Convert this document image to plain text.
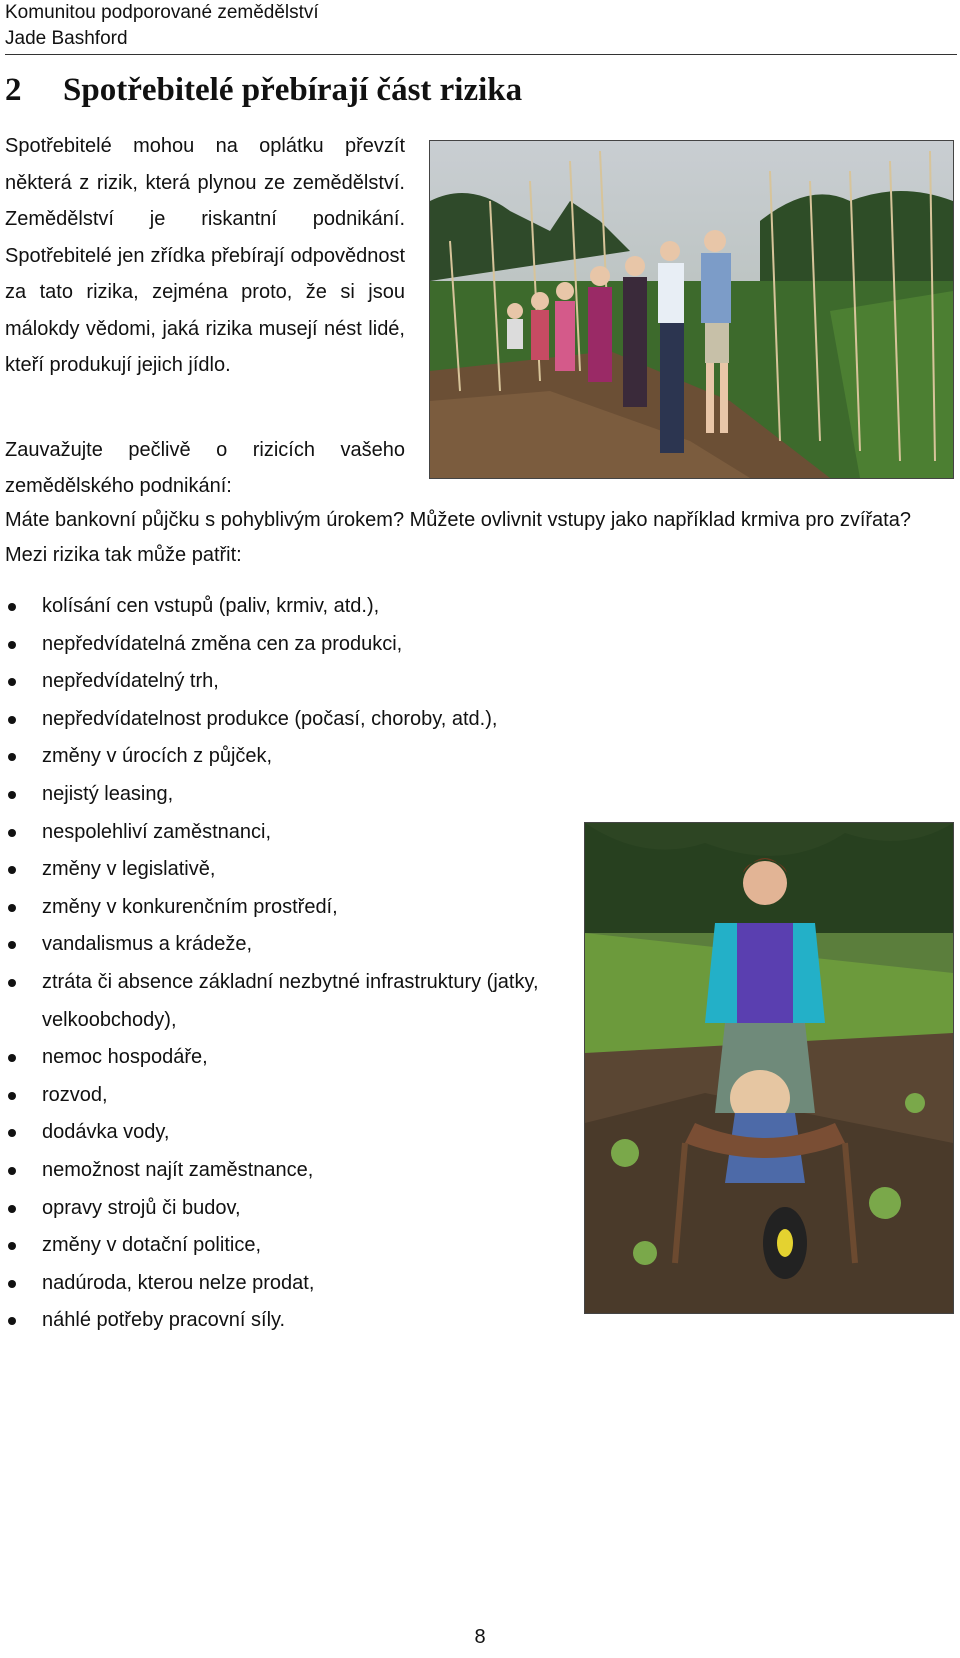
Komunitou podporované zemědělství
Jade Bashford
2 Spotřebitelé přebírají část rizika

Spotřebitelé mohou na oplátku převzít některá z rizik, která plynou ze zemědělství. Zemědělství je riskantní podnikání. Spotřebitelé jen zřídka přebírají odpovědnost za tato rizika, zejména proto, že si jsou málokdy vědomi, jaká rizika musejí nést lidé, kteří produkují jejich jídlo.

Zauvažujte pečlivě o rizicích vašeho zemědělského podnikání:

Máte bankovní půjčku s pohyblivým úrokem? Můžete ovlivnit vstupy jako například krmiva pro zvířata? Mezi rizika tak může patřit:

kolísání cen vstupů (paliv, krmiv, atd.),
nepředvídatelná změna cen za produkci,
nepředvídatelný trh,
nepředvídatelnost produkce (počasí, choroby, atd.),
změny v úrocích z půjček,
nejistý leasing,
nespolehliví zaměstnanci,
změny v legislativě,
změny v konkurenčním prostředí,
vandalismus a krádeže,
ztráta či absence základní nezbytné infrastruktury (jatky, velkoobchody),
nemoc hospodáře,
rozvod,
dodávka vody,
nemožnost najít zaměstnance,
opravy strojů či budov,
změny v dotační politice,
nadúroda, kterou nelze prodat,
náhlé potřeby pracovní síly.
8
